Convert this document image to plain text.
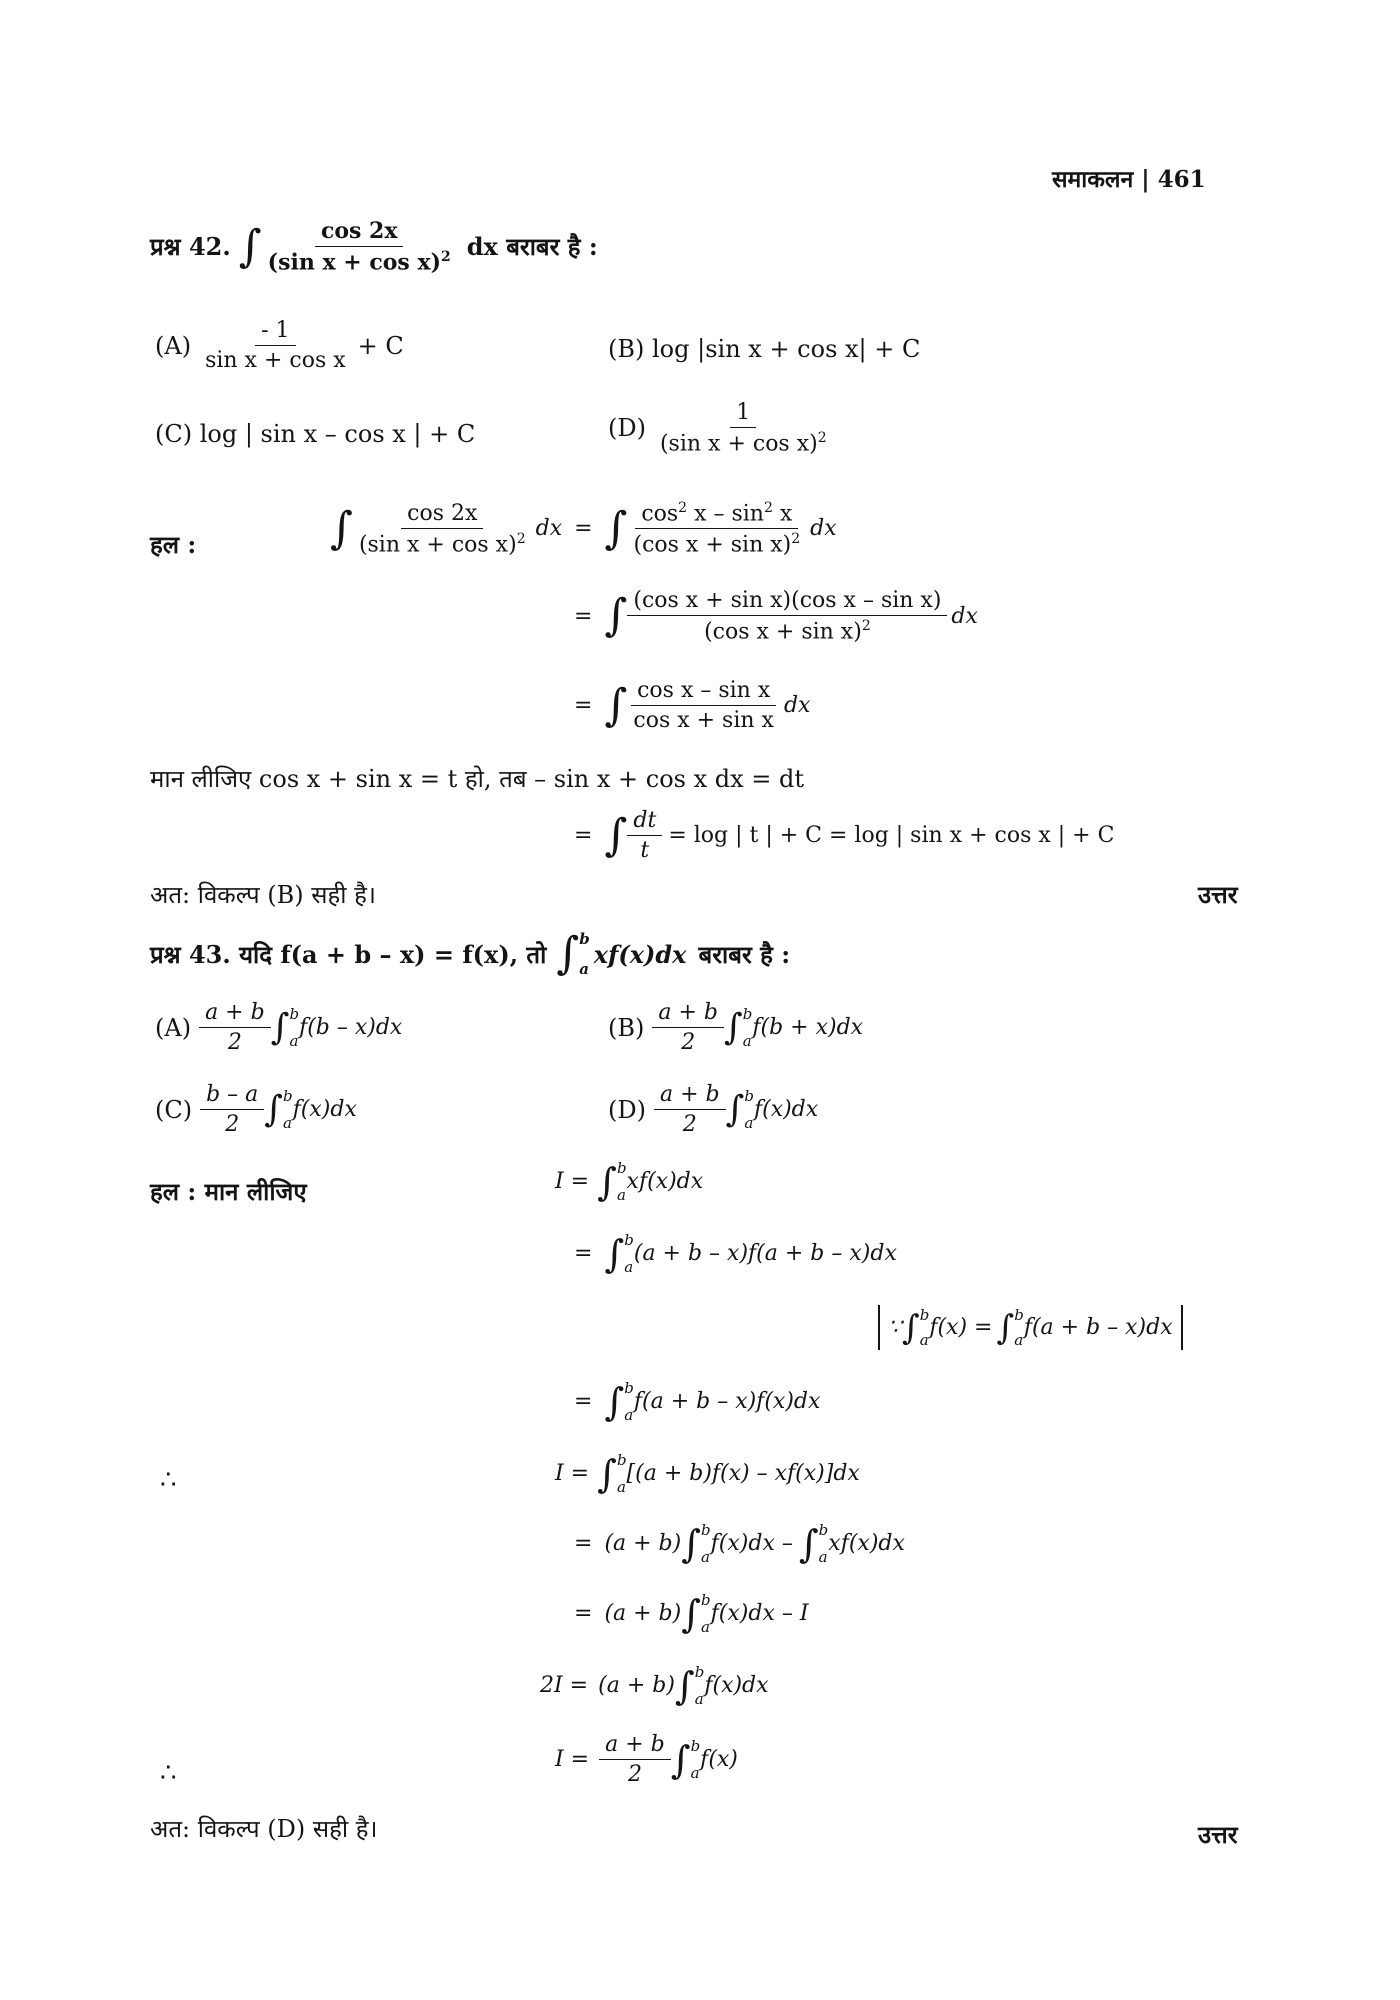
समाकलन | 461
प्रश्न 42. ∫ $\frac{\cos 2x}{(\sin x + \cos x)^2}$ dx बराबर है :
$(A) \frac{- 1}{\text{sin x + cos x}} + C$	(B) log |sin x + cos x| + C
(C) log | sin x – cos x | + C	$(D) \frac{1}{(\sin x + \cos x)^2}$
हल :	∫ $\frac{\cos 2x}{(\sin x + \cos x)^2}$ dx = ∫ $\frac{\cos^2 x - \sin^2 x}{(\cos x + \sin x)^2}$ dx
= ∫ $\frac{\text{(cos x + sin x)(cos x – sin x)}}{(\cos x + \sin x)^2}$ dx
= ∫ $\frac{\text{cos x – sin x}}{\text{cos x + sin x}}$ dx
मान लीजिए cos x + sin x = t हो, तब – sin x + cos x dx = dt
= ∫ $\frac{dt}{t} = \log$ | t | + C = log | sin x + cos x | + C
अत: विकल्प (B) सही है।	उत्तर
प्रश्न 43. यदि f(a + b – x) = f(x), तो ∫ b
a
xf(x)dx बराबर है :
$(A) \frac{a + b}{2}$ ∫ b
a
f(b – x)dx	$(B) \frac{a + b}{2}$ ∫ b
a
f(b + x)dx
$(C) \frac{b - a}{2}$ ∫ b
a
f(x)dx	$(D) \frac{a + b}{2}$ ∫ b
a
f(x)dx
हल : मान लीजिए	I = ∫ b
a
xf(x)dx
= ∫ b
a
(a + b – x)f(a + b – x)dx
∵ ∫ b
a f(x) = ∫ b
a f(a + b – x)dx
= ∫ b
a
f(a + b – x)f(x)dx
∴	I = ∫ b
a
[(a + b)f(x) – xf(x)]dx
= (a + b) ∫ b
a
f(x)dx – ∫ b
a
xf(x)dx
= (a + b) ∫ b
a
f(x)dx – I
2I = (a + b) ∫ b
a
f(x)dx
∴	$I = \frac{a + b}{2}$ ∫ b
a
f(x)
अत: विकल्प (D) सही है।	उत्तर
